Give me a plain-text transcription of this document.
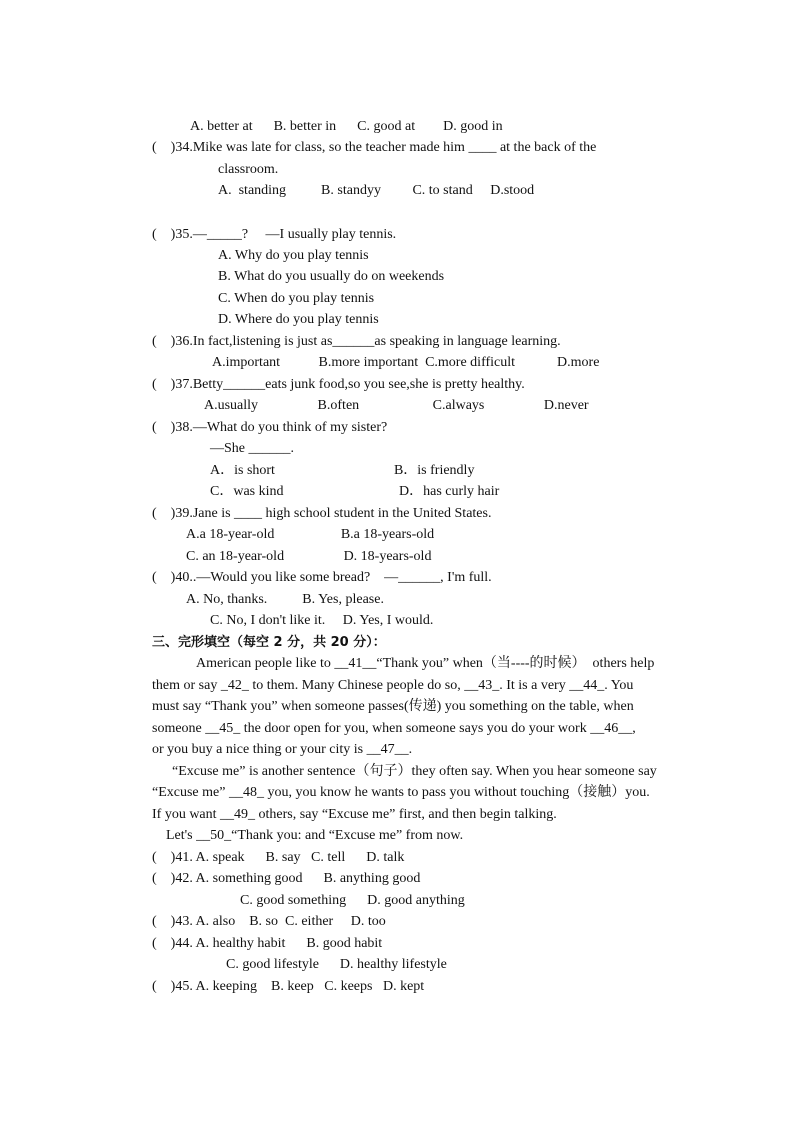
A. better at      B. better in      C. good at        D. good in
(    )34.Mike was late for class, so the teacher made him ____ at the back of the
classroom.
A.  standing          B. standyy         C. to stand     D.stood
(    )35.—_____?     —I usually play tennis.
A. Why do you play tennis
B. What do you usually do on weekends
C. When do you play tennis
D. Where do you play tennis
(    )36.In fact,listening is just as______as speaking in language learning.
A.important           B.more important  C.more difficult            D.more
(    )37.Betty______eats junk food,so you see,she is pretty healthy.
A.usually                 B.often                     C.always                 D.never
(    )38.—What do you think of my sister?
—She ______.
A．is short                                  B．is friendly
C．was kind                                 D．has curly hair
(    )39.Jane is ____ high school student in the United States.
A.a 18-year-old                   B.a 18-years-old
C. an 18-year-old                 D. 18-years-old
(    )40..—Would you like some bread?    —______, I'm full.
A. No, thanks.          B. Yes, please.
C. No, I don't like it.     D. Yes, I would.
三、完形填空（每空 2 分，共 20 分）：
American people like to __41__“Thank you” when（当----的时候）  others help
them or say _42_ to them. Many Chinese people do so, __43_. It is a very __44_. You
must say “Thank you” when someone passes(传递) you something on the table, when
someone __45_ the door open for you, when someone says you do your work __46__,
or you buy a nice thing or your city is __47__.
“Excuse me” is another sentence（句子）they often say. When you hear someone say
“Excuse me” __48_ you, you know he wants to pass you without touching（接触）you.
If you want __49_ others, say “Excuse me” first, and then begin talking.
Let's __50_“Thank you: and “Excuse me” from now.
(    )41. A. speak      B. say   C. tell      D. talk
(    )42. A. something good      B. anything good
C. good something      D. good anything
(    )43. A. also    B. so  C. either     D. too
(    )44. A. healthy habit      B. good habit
C. good lifestyle      D. healthy lifestyle
(    )45. A. keeping    B. keep   C. keeps   D. kept
